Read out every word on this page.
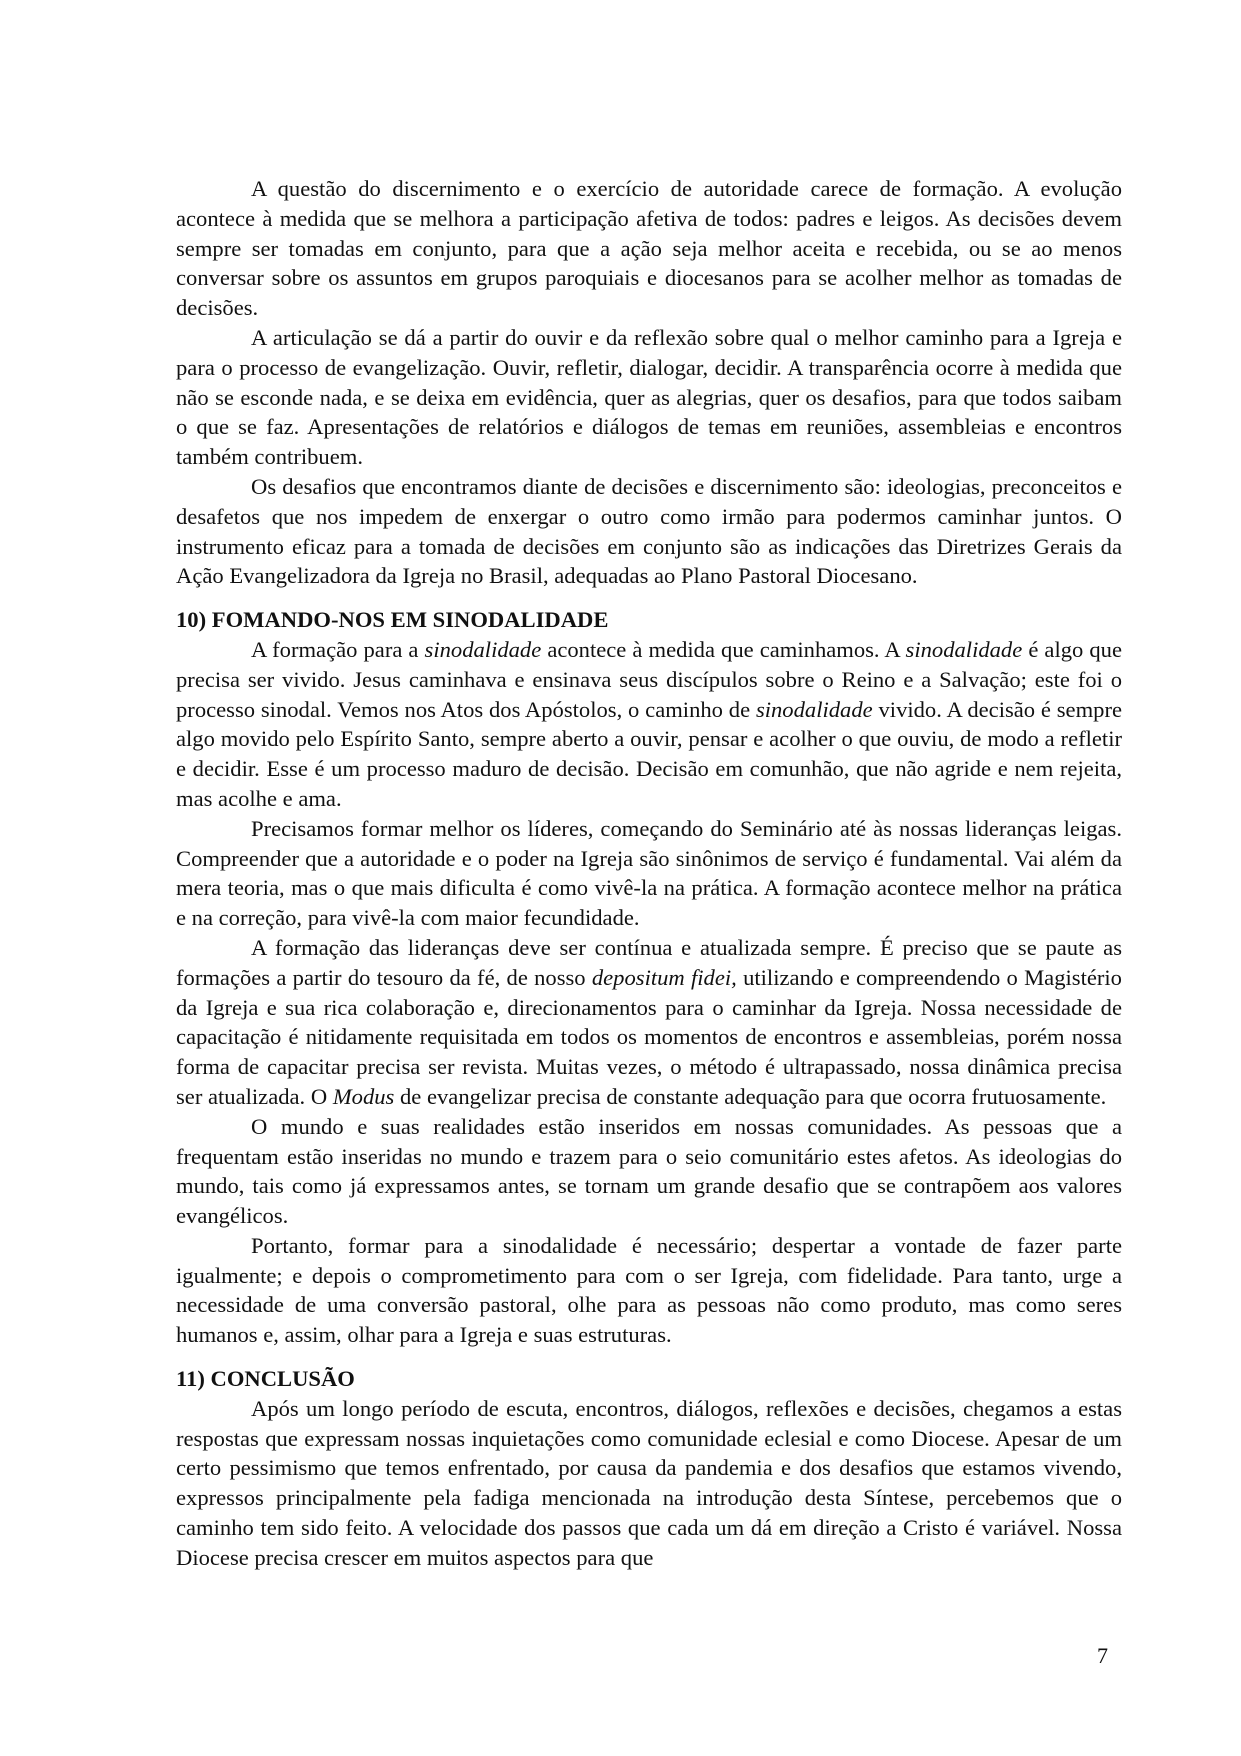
A questão do discernimento e o exercício de autoridade carece de formação. A evolução acontece à medida que se melhora a participação afetiva de todos: padres e leigos. As decisões devem sempre ser tomadas em conjunto, para que a ação seja melhor aceita e recebida, ou se ao menos conversar sobre os assuntos em grupos paroquiais e diocesanos para se acolher melhor as tomadas de decisões.

A articulação se dá a partir do ouvir e da reflexão sobre qual o melhor caminho para a Igreja e para o processo de evangelização. Ouvir, refletir, dialogar, decidir. A transparência ocorre à medida que não se esconde nada, e se deixa em evidência, quer as alegrias, quer os desafios, para que todos saibam o que se faz. Apresentações de relatórios e diálogos de temas em reuniões, assembleias e encontros também contribuem.

Os desafios que encontramos diante de decisões e discernimento são: ideologias, preconceitos e desafetos que nos impedem de enxergar o outro como irmão para podermos caminhar juntos. O instrumento eficaz para a tomada de decisões em conjunto são as indicações das Diretrizes Gerais da Ação Evangelizadora da Igreja no Brasil, adequadas ao Plano Pastoral Diocesano.

10) FOMANDO-NOS EM SINODALIDADE

A formação para a sinodalidade acontece à medida que caminhamos. A sinodalidade é algo que precisa ser vivido. Jesus caminhava e ensinava seus discípulos sobre o Reino e a Salvação; este foi o processo sinodal. Vemos nos Atos dos Apóstolos, o caminho de sinodalidade vivido. A decisão é sempre algo movido pelo Espírito Santo, sempre aberto a ouvir, pensar e acolher o que ouviu, de modo a refletir e decidir. Esse é um processo maduro de decisão. Decisão em comunhão, que não agride e nem rejeita, mas acolhe e ama.

Precisamos formar melhor os líderes, começando do Seminário até às nossas lideranças leigas. Compreender que a autoridade e o poder na Igreja são sinônimos de serviço é fundamental. Vai além da mera teoria, mas o que mais dificulta é como vivê-la na prática. A formação acontece melhor na prática e na correção, para vivê-la com maior fecundidade.

A formação das lideranças deve ser contínua e atualizada sempre. É preciso que se paute as formações a partir do tesouro da fé, de nosso depositum fidei, utilizando e compreendendo o Magistério da Igreja e sua rica colaboração e, direcionamentos para o caminhar da Igreja. Nossa necessidade de capacitação é nitidamente requisitada em todos os momentos de encontros e assembleias, porém nossa forma de capacitar precisa ser revista. Muitas vezes, o método é ultrapassado, nossa dinâmica precisa ser atualizada. O Modus de evangelizar precisa de constante adequação para que ocorra frutuosamente.

O mundo e suas realidades estão inseridos em nossas comunidades. As pessoas que a frequentam estão inseridas no mundo e trazem para o seio comunitário estes afetos. As ideologias do mundo, tais como já expressamos antes, se tornam um grande desafio que se contrapõem aos valores evangélicos.

Portanto, formar para a sinodalidade é necessário; despertar a vontade de fazer parte igualmente; e depois o comprometimento para com o ser Igreja, com fidelidade. Para tanto, urge a necessidade de uma conversão pastoral, olhe para as pessoas não como produto, mas como seres humanos e, assim, olhar para a Igreja e suas estruturas.

11) CONCLUSÃO

Após um longo período de escuta, encontros, diálogos, reflexões e decisões, chegamos a estas respostas que expressam nossas inquietações como comunidade eclesial e como Diocese. Apesar de um certo pessimismo que temos enfrentado, por causa da pandemia e dos desafios que estamos vivendo, expressos principalmente pela fadiga mencionada na introdução desta Síntese, percebemos que o caminho tem sido feito. A velocidade dos passos que cada um dá em direção a Cristo é variável. Nossa Diocese precisa crescer em muitos aspectos para que

7
